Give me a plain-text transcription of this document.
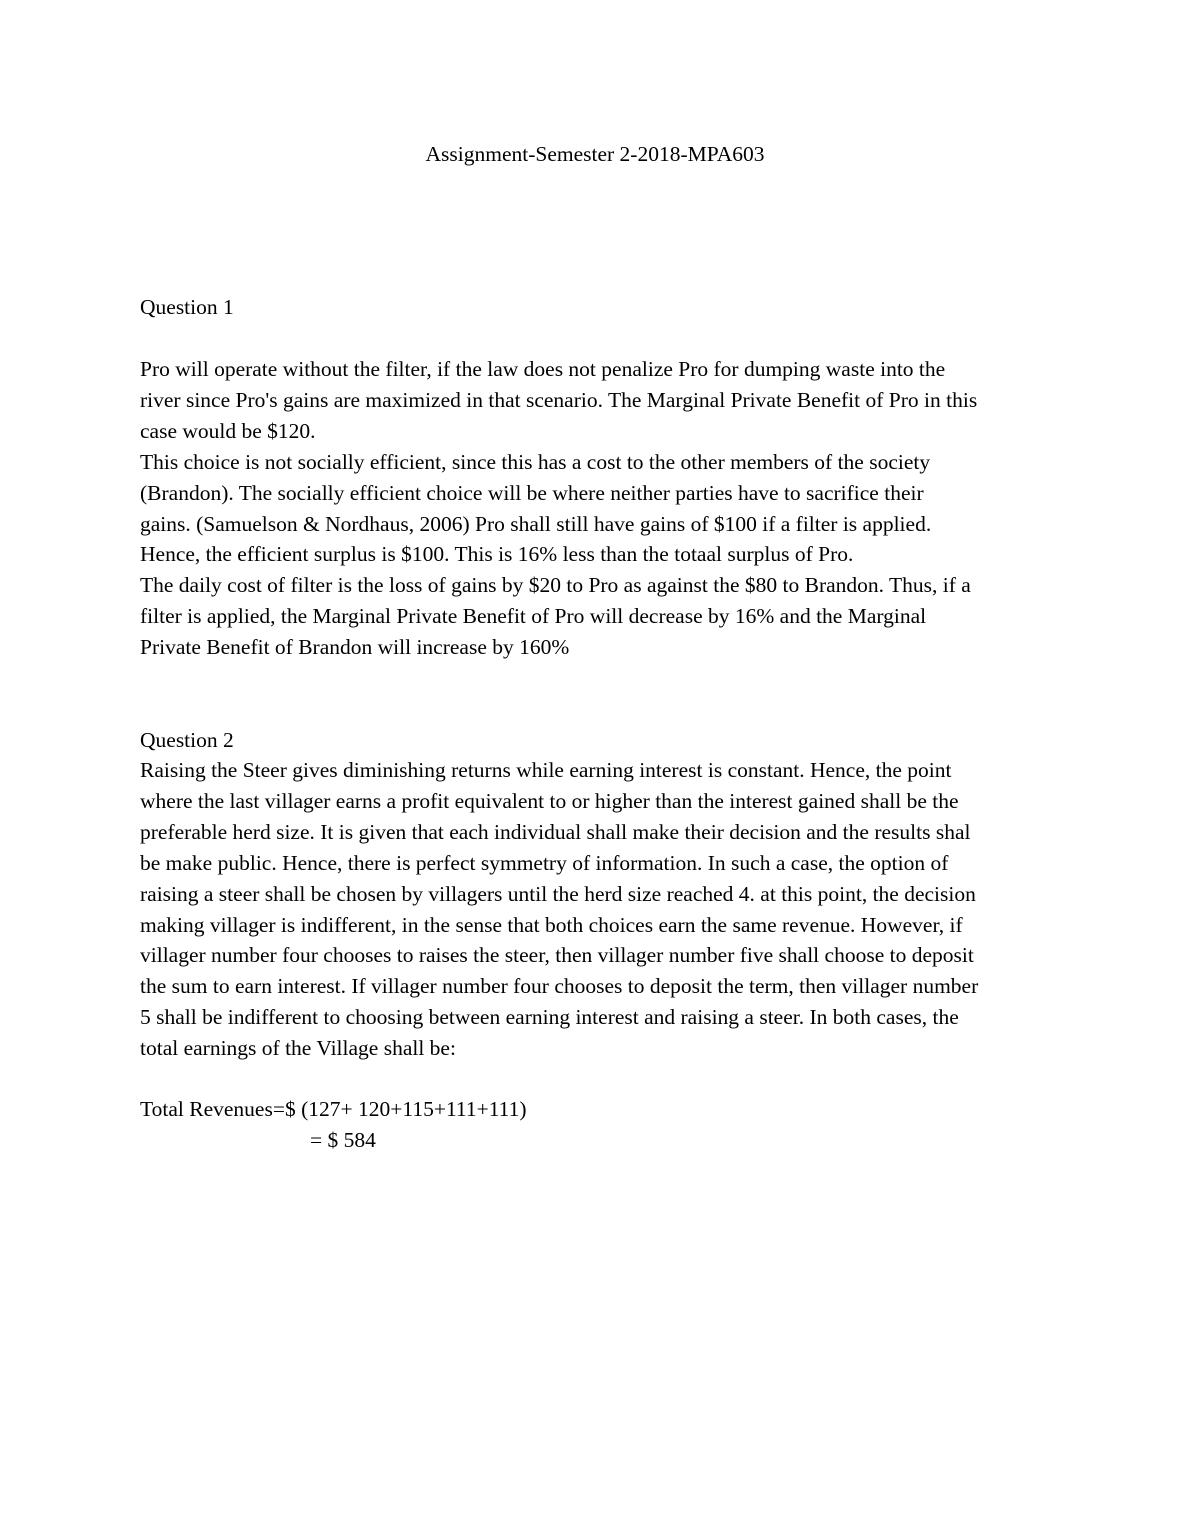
Assignment-Semester 2-2018-MPA603

Question 1

Pro will operate without the filter, if the law does not penalize Pro for dumping waste into the
river since Pro's gains are maximized in that scenario. The Marginal Private Benefit of Pro in this
case would be $120.
This choice is not socially efficient, since this has a cost to the other members of the society
(Brandon). The socially efficient choice will be where neither parties have to sacrifice their
gains. (Samuelson & Nordhaus, 2006) Pro shall still have gains of $100 if a filter is applied.
Hence, the efficient surplus is $100. This is 16% less than the totaal surplus of Pro.
The daily cost of filter is the loss of gains by $20 to Pro as against the $80 to Brandon. Thus, if a
filter is applied, the Marginal Private Benefit of Pro will decrease by 16% and the Marginal
Private Benefit of Brandon will increase by 160%

Question 2

Raising the Steer gives diminishing returns while earning interest is constant. Hence, the point
where the last villager earns a profit equivalent to or higher than the interest gained shall be the
preferable herd size. It is given that each individual shall make their decision and the results shal
be make public. Hence, there is perfect symmetry of information. In such a case, the option of
raising a steer shall be chosen by villagers until the herd size reached 4. at this point, the decision
making villager is indifferent, in the sense that both choices earn the same revenue. However, if
villager number four chooses to raises the steer, then villager number five shall choose to deposit
the sum to earn interest. If villager number four chooses to deposit the term, then villager number
5 shall be indifferent to choosing between earning interest and raising a steer. In both cases, the
total earnings of the Village shall be:

Total Revenues=$ (127+ 120+115+111+111)

= $ 584
